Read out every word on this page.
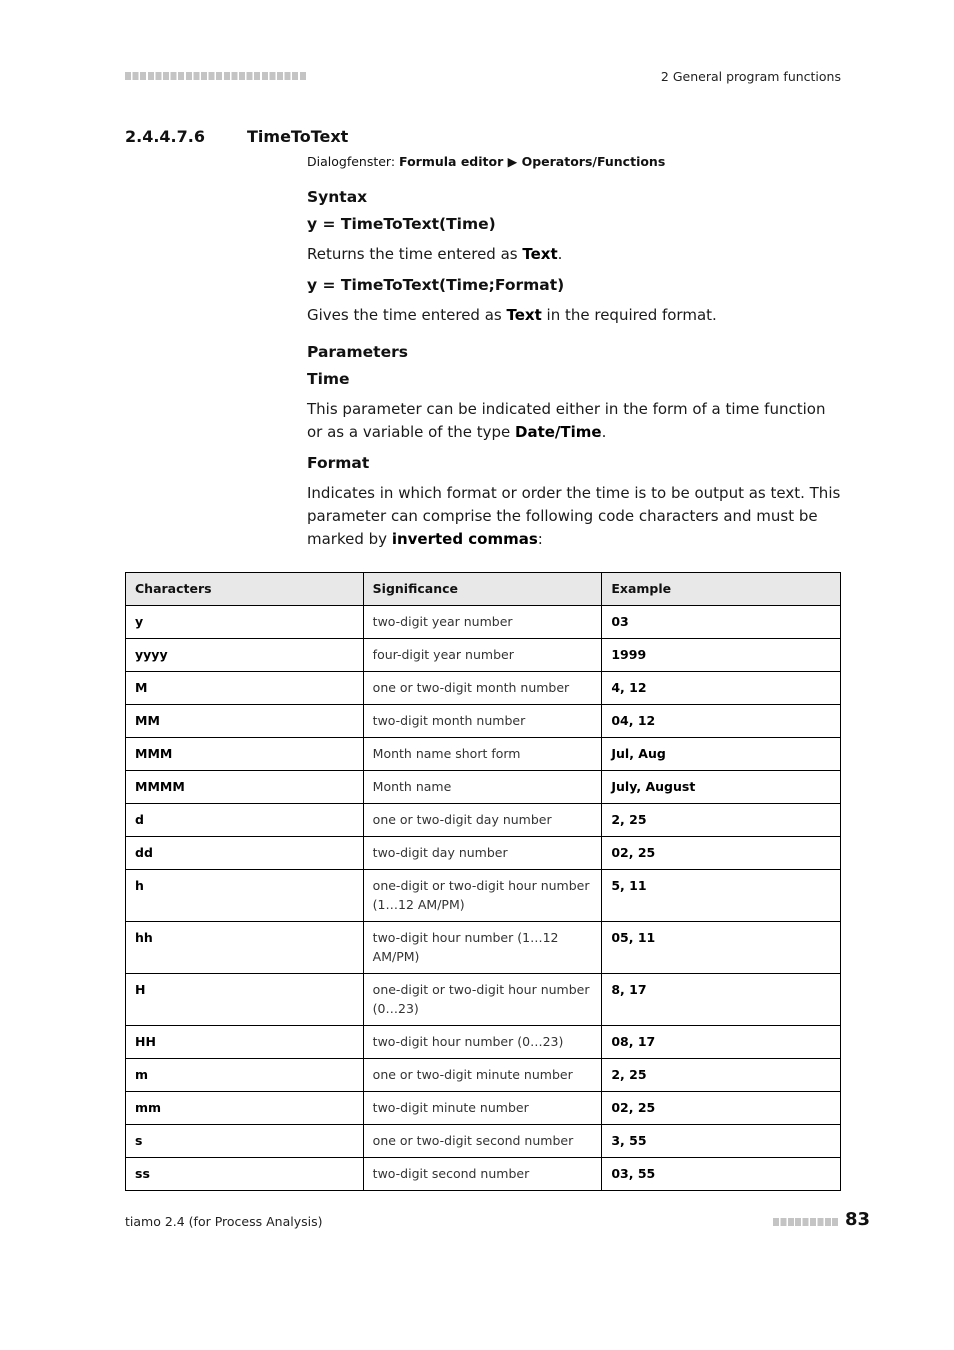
2 General program functions
2.4.4.7.6	TimeToText

Dialogfenster: Formula editor ▶ Operators/Functions

Syntax

y = TimeToText(Time)

Returns the time entered as Text.

y = TimeToText(Time;Format)

Gives the time entered as Text in the required format.

Parameters

Time

This parameter can be indicated either in the form of a time function or as a variable of the type Date/Time.

Format

Indicates in which format or order the time is to be output as text. This parameter can comprise the following code characters and must be marked by inverted commas:

Characters	Significance	Example
y	two-digit year number	03
yyyy	four-digit year number	1999
M	one or two-digit month number	4, 12
MM	two-digit month number	04, 12
MMM	Month name short form	Jul, Aug
MMMM	Month name	July, August
d	one or two-digit day number	2, 25
dd	two-digit day number	02, 25
h	one-digit or two-digit hour number (1…12 AM/PM)	5, 11
hh	two-digit hour number (1…12 AM/PM)	05, 11
H	one-digit or two-digit hour number (0…23)	8, 17
HH	two-digit hour number (0…23)	08, 17
m	one or two-digit minute number	2, 25
mm	two-digit minute number	02, 25
s	one or two-digit second number	3, 55
ss	two-digit second number	03, 55
tiamo 2.4 (for Process Analysis)	83
